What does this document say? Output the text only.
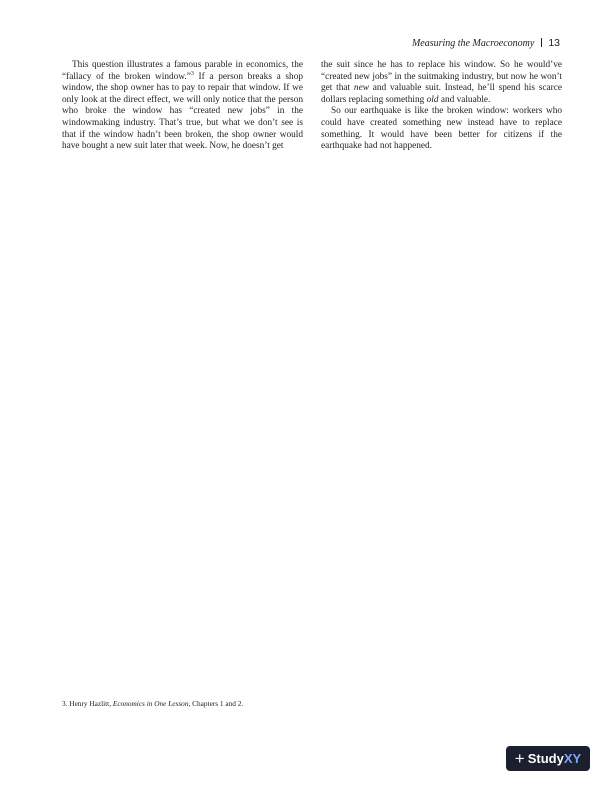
Measuring the Macroeconomy 13

This question illustrates a famous parable in economics, the “fallacy of the broken window.”$^3$ If a person breaks a shop window, the shop owner has to pay to repair that window. If we only look at the direct effect, we will only notice that the person who broke the window has “created new jobs” in the windowmaking industry. That’s true, but what we don’t see is that if the window hadn’t been broken, the shop owner would have bought a new suit later that week. Now, he doesn’t get

the suit since he has to replace his window. So he would’ve “created new jobs” in the suitmaking industry, but now he won’t get that new and valuable suit. Instead, he’ll spend his scarce dollars replacing something old and valuable.

So our earthquake is like the broken window: workers who could have created something new instead have to replace something. It would have been better for citizens if the earthquake had not happened.

3. Henry Hazlitt, Economics in One Lesson, Chapters 1 and 2.
+ Study XY
